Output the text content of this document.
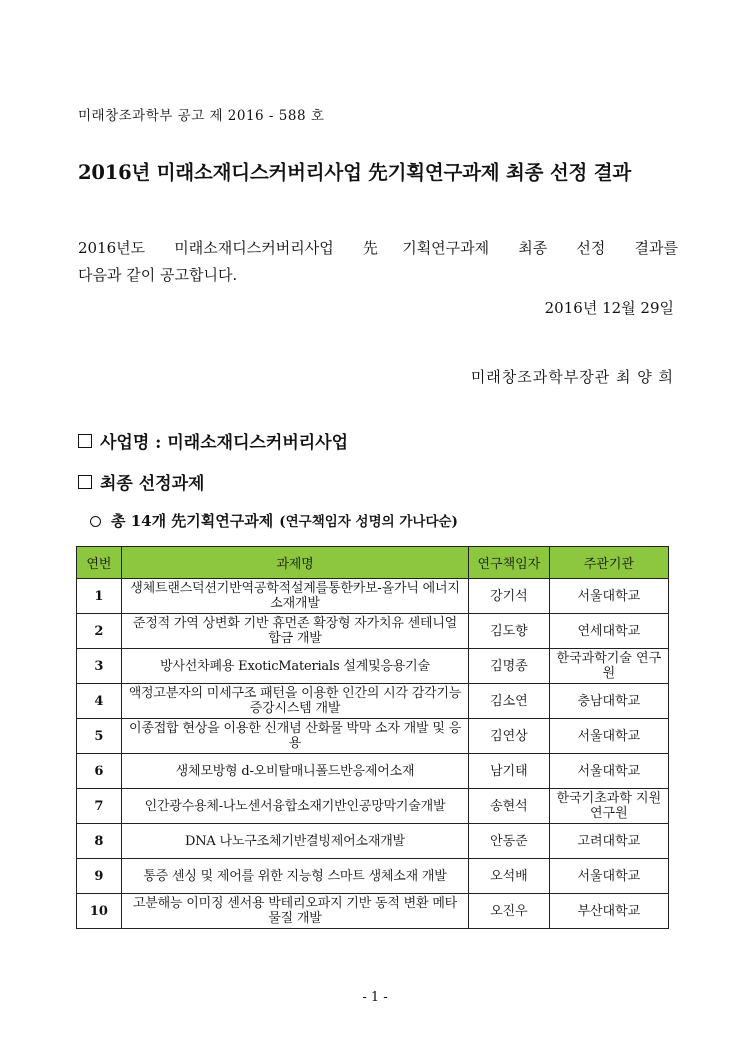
미래창조과학부 공고 제 2016 - 588 호
2016년 미래소재디스커버리사업 先기획연구과제 최종 선정 결과
2016년도 미래소재디스커버리사업 先기획연구과제 최종 선정 결과를
다음과 같이 공고합니다.
2016년 12월 29일
미래창조과학부장관 최 양 희
사업명 : 미래소재디스커버리사업
최종 선정과제
총 14개 先기획연구과제 (연구책임자 성명의 가나다순)
연번	과제명	연구책임자	주관기관
1	생체트랜스덕션기반역공학적설계를통한카보-올가닉 에너지소재개발	강기석	서울대학교
2	준정적 가역 상변화 기반 휴먼존 확장형 자가치유 센테니얼 합금 개발	김도향	연세대학교
3	방사선차폐용 ExoticMaterials 설계및응용기술	김명종	한국과학기술 연구원
4	액정고분자의 미세구조 패턴을 이용한 인간의 시각 감각기능 증강시스템 개발	김소연	충남대학교
5	이종접합 현상을 이용한 신개념 산화물 박막 소자 개발 및 응용	김연상	서울대학교
6	생체모방형 d-오비탈매니폴드반응제어소재	남기태	서울대학교
7	인간광수용체-나노센서융합소재기반인공망막기술개발	송현석	한국기초과학 지원연구원
8	DNA 나노구조체기반결빙제어소재개발	안동준	고려대학교
9	통증 센싱 및 제어를 위한 지능형 스마트 생체소재 개발	오석배	서울대학교
10	고분해능 이미징 센서용 박테리오파지 기반 동적 변환 메타 물질 개발	오진우	부산대학교
- 1 -
